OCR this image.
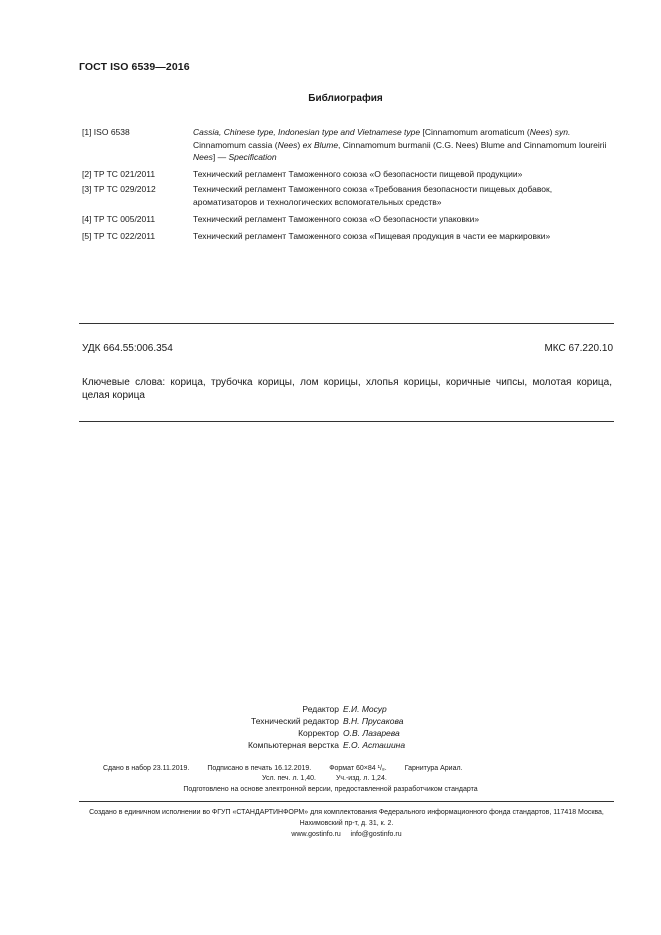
ГОСТ ISO 6539—2016
Библиография
[1] ISO 6538	Cassia, Chinese type, Indonesian type and Vietnamese type [Cinnamomum aromaticum (Nees) syn. Cinnamomum cassia (Nees) ex Blume, Cinnamomum burmanii (C.G. Nees) Blume and Cinnamomum loureirii Nees] — Specification
[2] TP TC 021/2011	Технический регламент Таможенного союза «О безопасности пищевой продукции»
[3] TP TC 029/2012	Технический регламент Таможенного союза «Требования безопасности пищевых добавок, ароматизаторов и технологических вспомогательных средств»
[4] TP TC 005/2011	Технический регламент Таможенного союза «О безопасности упаковки»
[5] TP TC 022/2011	Технический регламент Таможенного союза «Пищевая продукция в части ее маркировки»
УДК 664.55:006.354	МКС 67.220.10
Ключевые слова: корица, трубочка корицы, лом корицы, хлопья корицы, коричные чипсы, молотая корица, целая корица
Редактор Е.И. Мосур
Технический редактор В.Н. Прусакова
Корректор О.В. Лазарева
Компьютерная верстка Е.О. Асташина
Сдано в набор 23.11.2019.	Подписано в печать 16.12.2019.	Формат 60×84 ¹/₈.	Гарнитура Ариал.
Усл. печ. л. 1,40.	Уч.-изд. л. 1,24.
Подготовлено на основе электронной версии, предоставленной разработчиком стандарта
Создано в единичном исполнении во ФГУП «СТАНДАРТИНФОРМ» для комплектования Федерального информационного фонда стандартов, 117418 Москва, Нахимовский пр-т, д. 31, к. 2.
www.gostinfo.ru     info@gostinfo.ru
